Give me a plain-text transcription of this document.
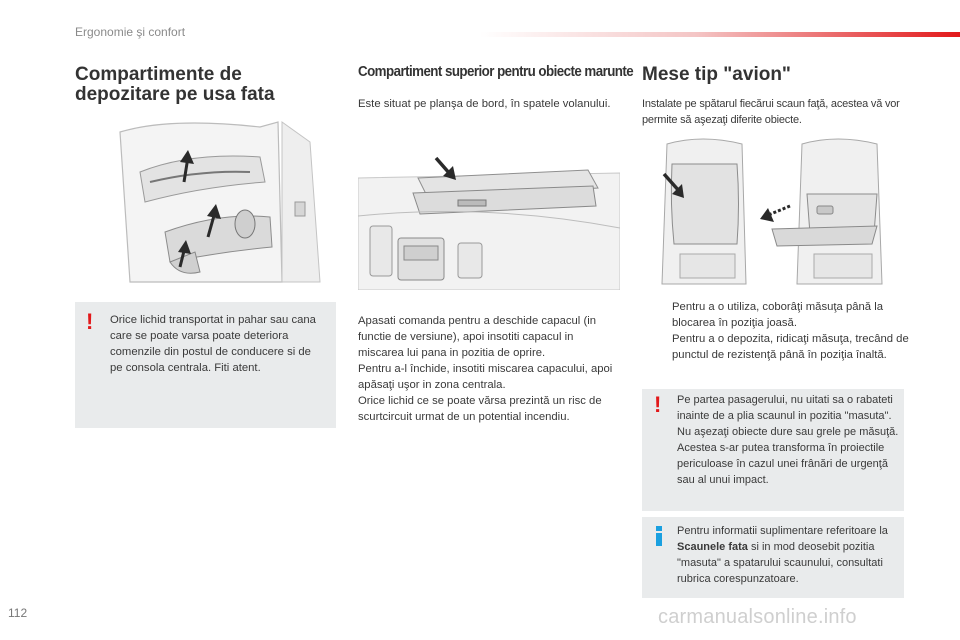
Ergonomie şi confort
Compartimente de
depozitare pe usa fata
! Orice lichid transportat in pahar sau cana care se poate varsa poate deteriora comenzile din postul de conducere si de pe consola centrala. Fiti atent.

Compartiment superior pentru obiecte marunte

Este situat pe planşa de bord, în spatele volanului.

Apasati comanda pentru a deschide capacul (in functie de versiune), apoi insotiti capacul in miscarea lui pana in pozitia de oprire.

Pentru a-l închide, insotiti miscarea capacului, apoi apăsaţi uşor in zona centrala.

Orice lichid ce se poate vărsa prezintă un risc de scurtcircuit urmat de un potential incendiu.

Mese tip "avion"

Instalate pe spătarul fiecărui scaun faţă, acestea vă vor permite să aşezaţi diferite obiecte.

Pentru a o utiliza, coborâţi măsuţa până la blocarea în poziţia joasă.

Pentru a o depozita, ridicaţi măsuţa, trecând de punctul de rezistenţă până în poziţia înaltă.

! Pe partea pasagerului, nu uitati sa o rabateti inainte de a plia scaunul in pozitia "masuta".

Nu aşezaţi obiecte dure sau grele pe măsuţă. Acestea s-ar putea transforma în proiectile periculoase în cazul unei frânări de urgenţă sau al unui impact.

Pentru informatii suplimentare referitoare la Scaunele fata si in mod deosebit pozitia "masuta" a spatarului scaunului, consultati rubrica corespunzatoare.

112	carmanualsonline.info
